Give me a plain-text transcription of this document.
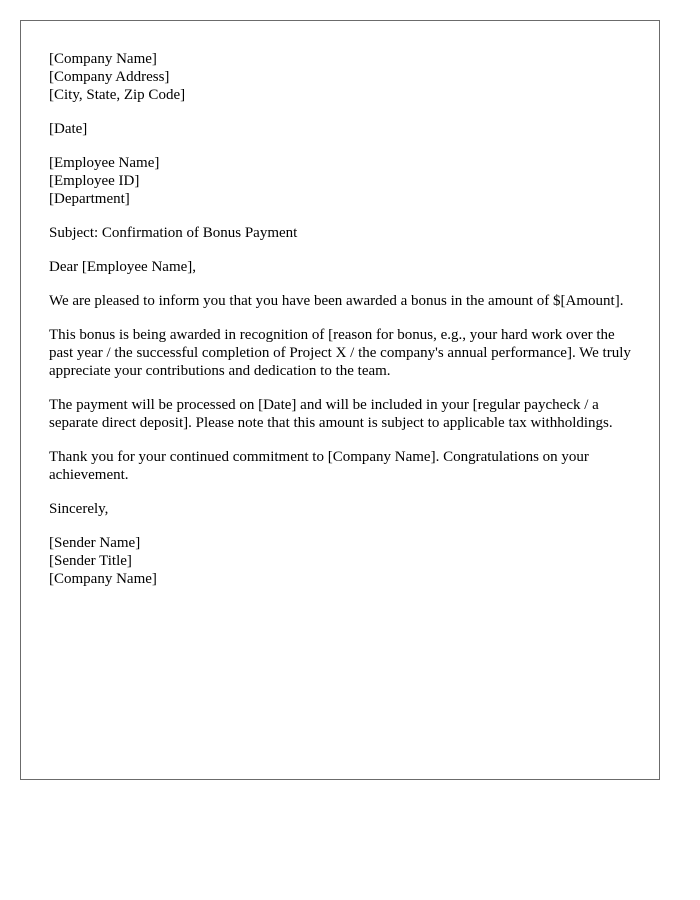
[Company Name]
[Company Address]
[City, State, Zip Code]
[Date]
[Employee Name]
[Employee ID]
[Department]
Subject: Confirmation of Bonus Payment
Dear [Employee Name],
We are pleased to inform you that you have been awarded a bonus in the amount of $[Amount].
This bonus is being awarded in recognition of [reason for bonus, e.g., your hard work over the past year / the successful completion of Project X / the company's annual performance]. We truly appreciate your contributions and dedication to the team.
The payment will be processed on [Date] and will be included in your [regular paycheck / a separate direct deposit]. Please note that this amount is subject to applicable tax withholdings.
Thank you for your continued commitment to [Company Name]. Congratulations on your achievement.
Sincerely,
[Sender Name]
[Sender Title]
[Company Name]
